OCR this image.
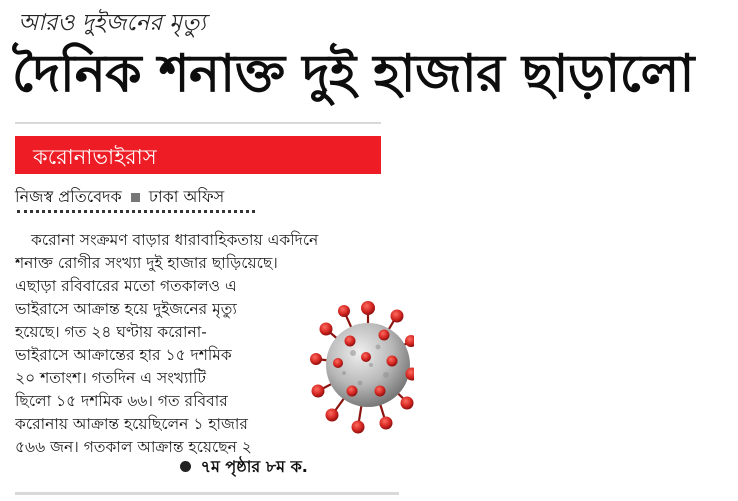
আরও দুইজনের মৃত্যু
দৈনিক শনাক্ত দুই হাজার ছাড়ালো
করোনাভাইরাস
নিজস্ব প্রতিবেদক ঢাকা অফিস
করোনা সংক্রমণ বাড়ার ধারাবাহিকতায় একদিনে
শনাক্ত রোগীর সংখ্যা দুই হাজার ছাড়িয়েছে।
এছাড়া রবিবারের মতো গতকালও এ
ভাইরাসে আক্রান্ত হয়ে দুইজনের মৃত্যু
হয়েছে। গত ২৪ ঘণ্টায় করোনা-
ভাইরাসে আক্রান্তের হার ১৫ দশমিক
২০ শতাংশ। গতদিন এ সংখ্যাটি
ছিলো ১৫ দশমিক ৬৬। গত রবিবার
করোনায় আক্রান্ত হয়েছিলেন ১ হাজার
৫৬৬ জন। গতকাল আক্রান্ত হয়েছেন ২
৭ম পৃষ্ঠার ৮ম ক.
